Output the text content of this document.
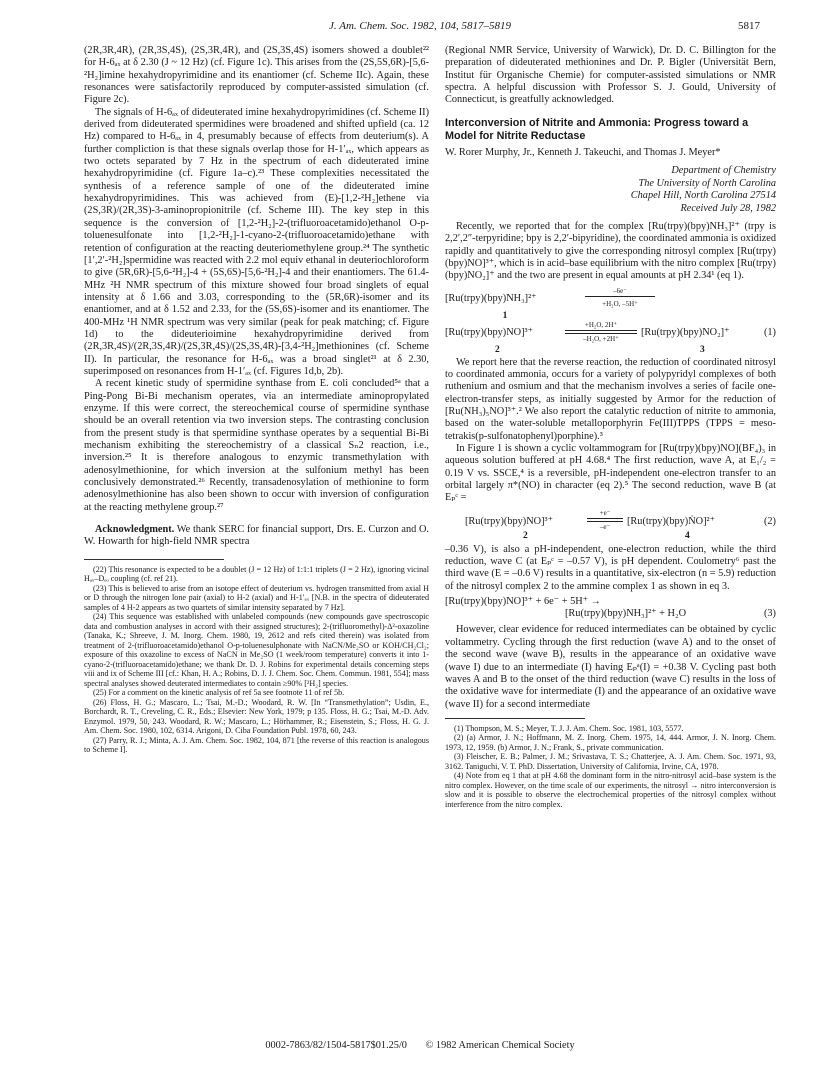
J. Am. Chem. Soc. 1982, 104, 5817–5819	5817

(2R,3R,4R), (2R,3S,4S), (2S,3R,4R), and (2S,3S,4S) isomers showed a doublet²² for H-6ₐₓ at δ 2.30 (J ~ 12 Hz) (cf. Figure 1c). This arises from the (2S,5S,6R)-[5,6-²H₂]imine hexahydropyrimidine and its enantiomer (cf. Scheme IIc). Again, these resonances were satisfactorily reproduced by computer-assisted simulation (cf. Figure 2c).

The signals of H-6ₐₓ of dideuterated imine hexahydropyrimidines (cf. Scheme II) derived from dideuterated spermidines were broadened and shifted upfield (ca. 12 Hz) compared to H-6ₐₓ in 4, presumably because of effects from deuterium(s). A further compliction is that these signals overlap those for H-1′ₐₓ, which appears as two octets separated by 7 Hz in the spectrum of each dideuterated imine hexahydropyrimidine (cf. Figure 1a–c).²³ These complexities necessitated the synthesis of a reference sample of one of the dideuterated imine hexahydropyrimidines. This was achieved from (E)-[1,2-²H₂]ethene via (2S,3R)/(2R,3S)-3-aminopropionitrile (cf. Scheme III). The key step in this sequence is the conversion of [1,2-²H₂]-2-(trifluoroacetamido)ethanol O-p-toluenesulfonate into [1,2-²H₂]-1-cyano-2-(trifluoroacetamido)ethane with retention of configuration at the reacting deuteriomethylene group.²⁴ The synthetic [1′,2′-²H₂]spermidine was reacted with 2.2 mol equiv ethanal in deuteriochloroform to give (5R,6R)-[5,6-²H₂]-4 + (5S,6S)-[5,6-²H₂]-4 and their enantiomers. The 61.4-MHz ²H NMR spectrum of this mixture showed four broad singlets of equal intensity at δ 1.66 and 3.03, corresponding to the (5R,6R)-isomer and its enantiomer, and at δ 1.52 and 2.33, for the (5S,6S)-isomer and its enantiomer. The 400-MHz ¹H NMR spectrum was very similar (peak for peak matching; cf. Figure 1d) to the dideuterioimine hexahydropyrimidine derived from (2R,3R,4S)/(2R,3S,4R)/(2S,3R,4S)/(2S,3S,4R)-[3,4-²H₂]methionines (cf. Scheme II). In particular, the resonance for H-6ₐₓ was a broad singlet²¹ at δ 2.30, superimposed on resonances from H-1′ₐₓ (cf. Figures 1d,b, 2b).

A recent kinetic study of spermidine synthase from E. coli concluded⁵ᵃ that a Ping-Pong Bi-Bi mechanism operates, via an intermediate aminopropylated enzyme. If this were correct, the stereochemical course of spermidine synthase should be an overall retention via two inversion steps. The contrasting conclusion from the present study is that spermidine synthase operates by a sequential Bi-Bi mechanism exhibiting the stereochemistry of a classical Sₙ2 reaction, i.e., inversion.²⁵ It is therefore analogous to enzymic transmethylation with adenosylmethionine, for which inversion at the sulfonium methyl has been conclusively demonstrated.²⁶ Recently, transadenosylation of methionine to form adenosylmethionine has also been shown to occur with inversion of configuration at the reacting methylene group.²⁷

Acknowledgment. We thank SERC for financial support, Drs. E. Curzon and O. W. Howarth for high-field NMR spectra

(22) This resonance is expected to be a doublet (J = 12 Hz) of 1:1:1 triplets (J = 2 Hz), ignoring vicinal Hₐₓ–Dₑₒ coupling (cf. ref 21).

(23) This is believed to arise from an isotope effect of deuterium vs. hydrogen transmitted from axial H or D through the nitrogen lone pair (axial) to H-2 (axial) and H-1′ₐₓ [N.B. in the spectra of dideuterated samples of 4 H-2 appears as two quartets of similar intensity separated by 7 Hz].

(24) This sequence was established with unlabeled compounds (new compounds gave spectroscopic data and combustion analyses in accord with their assigned structures); 2-(trifluoromethyl)-Δ²-oxazoline (Tanaka, K.; Shreeve, J. M. Inorg. Chem. 1980, 19, 2612 and refs cited therein) was isolated from treatment of 2-(trifluoroacetamido)ethanol O-p-toluenesulphonate with NaCN/Me₂SO or KOH/CH₂Cl₂; exposure of this oxazoline to excess of NaCN in Me₂SO (1 week/room temperature) converts it into 1-cyano-2-(trifluoroacetamido)ethane; we thank Dr. D. J. Robins for experimental details concerning steps viii and ix of Scheme III [cf.: Khan, H. A.; Robins, D. J. J. Chem. Soc. Chem. Commun. 1981, 554]; mass spectral analyses showed deuterated intermediates to contain ≥90% [²H₂] species.

(25) For a comment on the kinetic analysis of ref 5a see footnote 11 of ref 5b.

(26) Floss, H. G.; Mascaro, L.; Tsai, M.-D.; Woodard, R. W. [In “Transmethylation”; Usdin, E., Borchardt, R. T., Creveling, C. R., Eds.; Elsevier: New York, 1979; p 135. Floss, H. G.; Tsai, M.-D. Adv. Enzymol. 1979, 50, 243. Woodard, R. W.; Mascaro, L.; Hörhammer, R.; Eisenstein, S.; Floss, H. G. J. Am. Chem. Soc. 1980, 102, 6314. Arigoni, D. Ciba Foundation Publ. 1978, 60, 243.

(27) Parry, R. J.; Minta, A. J. Am. Chem. Soc. 1982, 104, 871 [the reverse of this reaction is analogous to Scheme I].

(Regional NMR Service, University of Warwick), Dr. D. C. Billington for the preparation of dideuterated methionines and Dr. P. Bigler (Universität Bern, Institut für Organische Chemie) for computer-assisted simulations or NMR spectra. A helpful discussion with Professor S. J. Gould, University of Connecticut, is greatfully acknowledged.

Interconversion of Nitrite and Ammonia: Progress toward a Model for Nitrite Reductase
W. Rorer Murphy, Jr., Kenneth J. Takeuchi, and Thomas J. Meyer*
Department of Chemistry
The University of North Carolina
Chapel Hill, North Carolina 27514
Received July 28, 1982

Recently, we reported that for the complex [Ru(trpy)(bpy)NH₃]²⁺ (trpy is 2,2′,2″-terpyridine; bpy is 2,2′-bipyridine), the coordinated ammonia is oxidized rapidly and quantitatively to give the corresponding nitrosyl complex [Ru(trpy)(bpy)NO]³⁺, which is in acid–base equilibrium with the nitro complex [Ru(trpy)(bpy)NO₂]⁺ and the two are present in equal amounts at pH 2.34¹ (eq 1).

[Ru(trpy)(bpy)NH₃]²⁺
–6e⁻
+H₂O, –5H⁺
1
[Ru(trpy)(bpy)NO]³⁺
+H₂O, 2H⁺
–H₂O, +2H⁺
[Ru(trpy)(bpy)NO₂]⁺	(1)
2	3

We report here that the reverse reaction, the reduction of coordinated nitrosyl to coordinated ammonia, occurs for a variety of polypyridyl complexes of both ruthenium and osmium and that the mechanism involves a series of facile one-electron-transfer steps, as initially suggested by Armor for the reduction of [Ru(NH₃)₅NO]³⁺.² We also report the catalytic reduction of nitrite to ammonia, based on the water-soluble metalloporphyrin Fe(III)TPPS (TPPS = meso-tetrakis(p-sulfonatophenyl)porphine).³

In Figure 1 is shown a cyclic voltammogram for [Ru(trpy)(bpy)NO](BF₄)₃ in aqueous solution buffered at pH 4.68.⁴ The first reduction, wave A, at E₁/₂ = 0.19 V vs. SSCE,⁴ is a reversible, pH-independent one-electron transfer to an orbital largely π*(NO) in character (eq 2).⁵ The second reduction, wave B (at Eₚᶜ =

[Ru(trpy)(bpy)NO]³⁺
+e⁻
–e⁻	[Ru(trpy)(bpy)ṄO]²⁺	(2)
2	4

–0.36 V), is also a pH-independent, one-electron reduction, while the third reduction, wave C (at Eₚᶜ = –0.57 V), is pH dependent. Coulometry⁶ past the third wave (E = –0.6 V) results in a quantitative, six-electron (n = 5.9) reduction of the nitrosyl complex 2 to the ammine complex 1 as shown in eq 3.

[Ru(trpy)(bpy)NO]³⁺ + 6e⁻ + 5H⁺ →
[Ru(trpy)(bpy)NH₃]²⁺ + H₂O	(3)

However, clear evidence for reduced intermediates can be obtained by cyclic voltammetry. Cycling through the first reduction (wave A) and to the onset of the second wave (wave B), results in the appearance of an oxidative wave (wave I) due to an intermediate (I) having Eₚᵃ(I) = +0.38 V. Cycling past both waves A and B to the onset of the third reduction (wave C) results in the loss of the oxidative wave for intermediate (I) and the appearance of an oxidative wave (wave II) for a second intermediate

(1) Thompson, M. S.; Meyer, T. J. J. Am. Chem. Soc. 1981, 103, 5577.

(2) (a) Armor, J. N.; Hoffmann, M. Z. Inorg. Chem. 1975, 14, 444. Armor, J. N. Inorg. Chem. 1973, 12, 1959. (b) Armor, J. N.; Frank, S., private communication.

(3) Fleischer, E. B.; Palmer, J. M.; Srivastava, T. S.; Chatterjee, A. J. Am. Chem. Soc. 1971, 93, 3162. Taniguchi, V. T. PhD. Dissertation, University of California, Irvine, CA, 1978.

(4) Note from eq 1 that at pH 4.68 the dominant form in the nitro-nitrosyl acid–base system is the nitro complex. However, on the time scale of our experiments, the nitrosyl → nitro interconversion is slow and it is possible to observe the electrochemical properties of the nitrosyl complex without interference from the nitro complex.

0002-7863/82/1504-5817$01.25/0 © 1982 American Chemical Society
